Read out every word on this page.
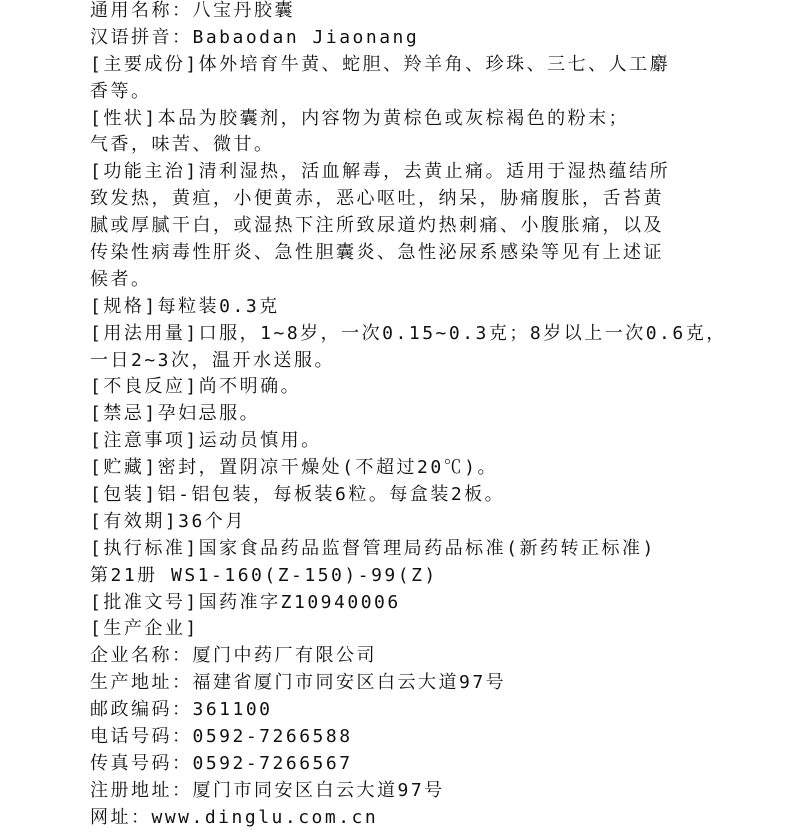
通用名称：八宝丹胶囊
汉语拼音：Babaodan Jiaonang
[主要成份]体外培育牛黄、蛇胆、羚羊角、珍珠、三七、人工麝
香等。
[性状]本品为胶囊剂，内容物为黄棕色或灰棕褐色的粉末；
气香，味苦、微甘。
[功能主治]清利湿热，活血解毒，去黄止痛。适用于湿热蕴结所
致发热，黄疸，小便黄赤，恶心呕吐，纳呆，胁痛腹胀，舌苔黄
腻或厚腻干白，或湿热下注所致尿道灼热刺痛、小腹胀痛，以及
传染性病毒性肝炎、急性胆囊炎、急性泌尿系感染等见有上述证
候者。
[规格]每粒装0.3克
[用法用量]口服，1~8岁，一次0.15~0.3克；8岁以上一次0.6克，
一日2~3次，温开水送服。
[不良反应]尚不明确。
[禁忌]孕妇忌服。
[注意事项]运动员慎用。
[贮藏]密封，置阴凉干燥处(不超过20℃)。
[包装]铝-铝包装，每板装6粒。每盒装2板。
[有效期]36个月
[执行标准]国家食品药品监督管理局药品标准(新药转正标准)
第21册 WS1-160(Z-150)-99(Z)
[批准文号]国药准字Z10940006
[生产企业]
企业名称：厦门中药厂有限公司
生产地址：福建省厦门市同安区白云大道97号
邮政编码：361100
电话号码：0592-7266588
传真号码：0592-7266567
注册地址：厦门市同安区白云大道97号
网址：www.dinglu.com.cn
